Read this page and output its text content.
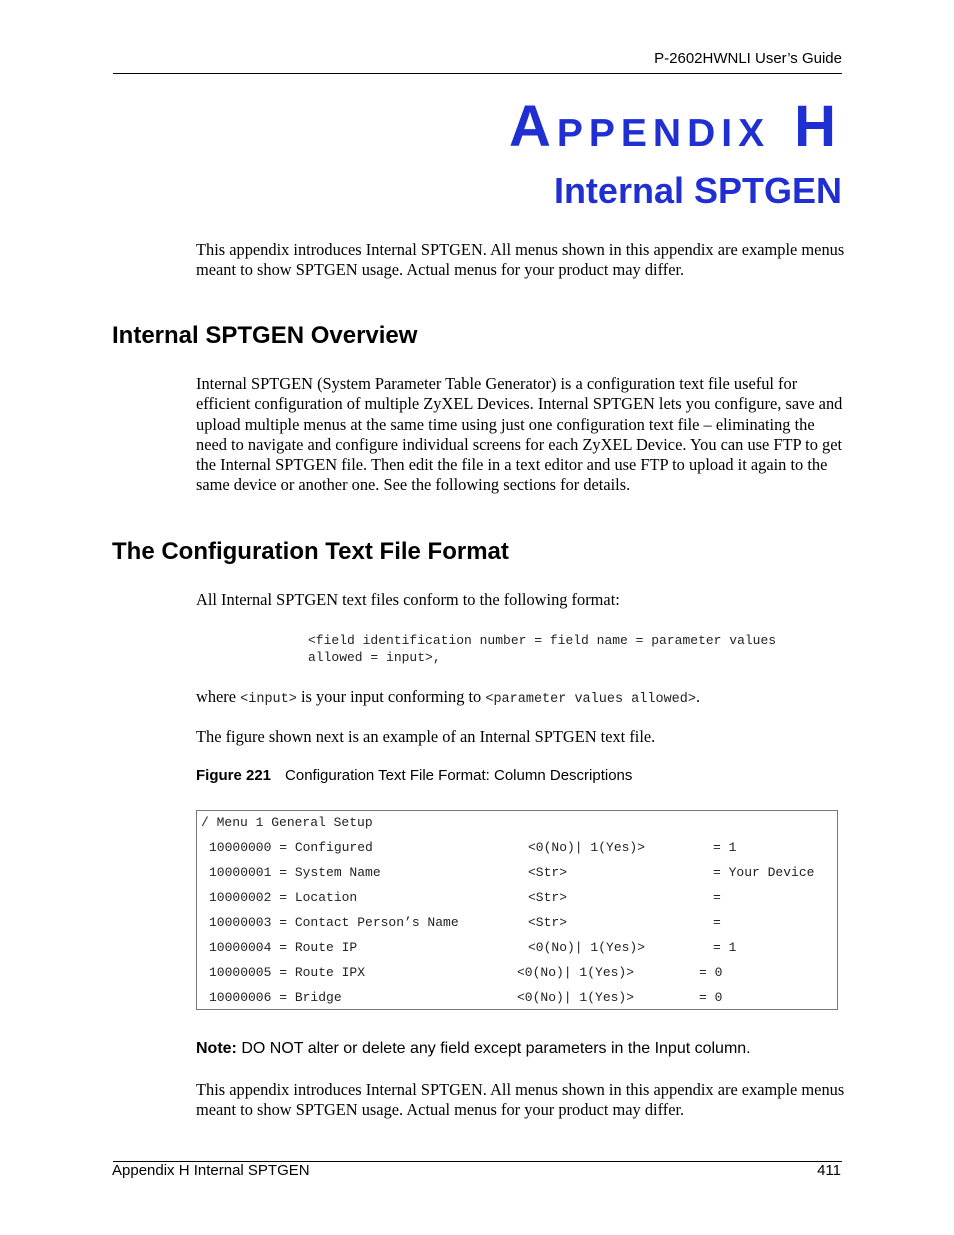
P-2602HWNLI User’s Guide
APPENDIX H
Internal SPTGEN
This appendix introduces Internal SPTGEN. All menus shown in this appendix are example menus meant to show SPTGEN usage. Actual menus for your product may differ.
Internal SPTGEN Overview
Internal SPTGEN (System Parameter Table Generator) is a configuration text file useful for efficient configuration of multiple ZyXEL Devices. Internal SPTGEN lets you configure, save and upload multiple menus at the same time using just one configuration text file – eliminating the need to navigate and configure individual screens for each ZyXEL Device. You can use FTP to get the Internal SPTGEN file. Then edit the file in a text editor and use FTP to upload it again to the same device or another one. See the following sections for details.
The Configuration Text File Format
All Internal SPTGEN text files conform to the following format:
<field identification number = field name = parameter values
allowed = input>,
where <input> is your input conforming to <parameter values allowed>.
The figure shown next is an example of an Internal SPTGEN text file.
Figure 221 Configuration Text File Format: Column Descriptions
/ Menu 1 General Setup
10000000 = Configured	<0(No)| 1(Yes)>	= 1
10000001 = System Name	<Str>	= Your Device
10000002 = Location	<Str>	=
10000003 = Contact Person’s Name	<Str>	=
10000004 = Route IP	<0(No)| 1(Yes)>	= 1
10000005 = Route IPX	<0(No)| 1(Yes)>	= 0
10000006 = Bridge	<0(No)| 1(Yes)>	= 0
Note: DO NOT alter or delete any field except parameters in the Input column.
This appendix introduces Internal SPTGEN. All menus shown in this appendix are example menus meant to show SPTGEN usage. Actual menus for your product may differ.
Appendix H Internal SPTGEN	411
